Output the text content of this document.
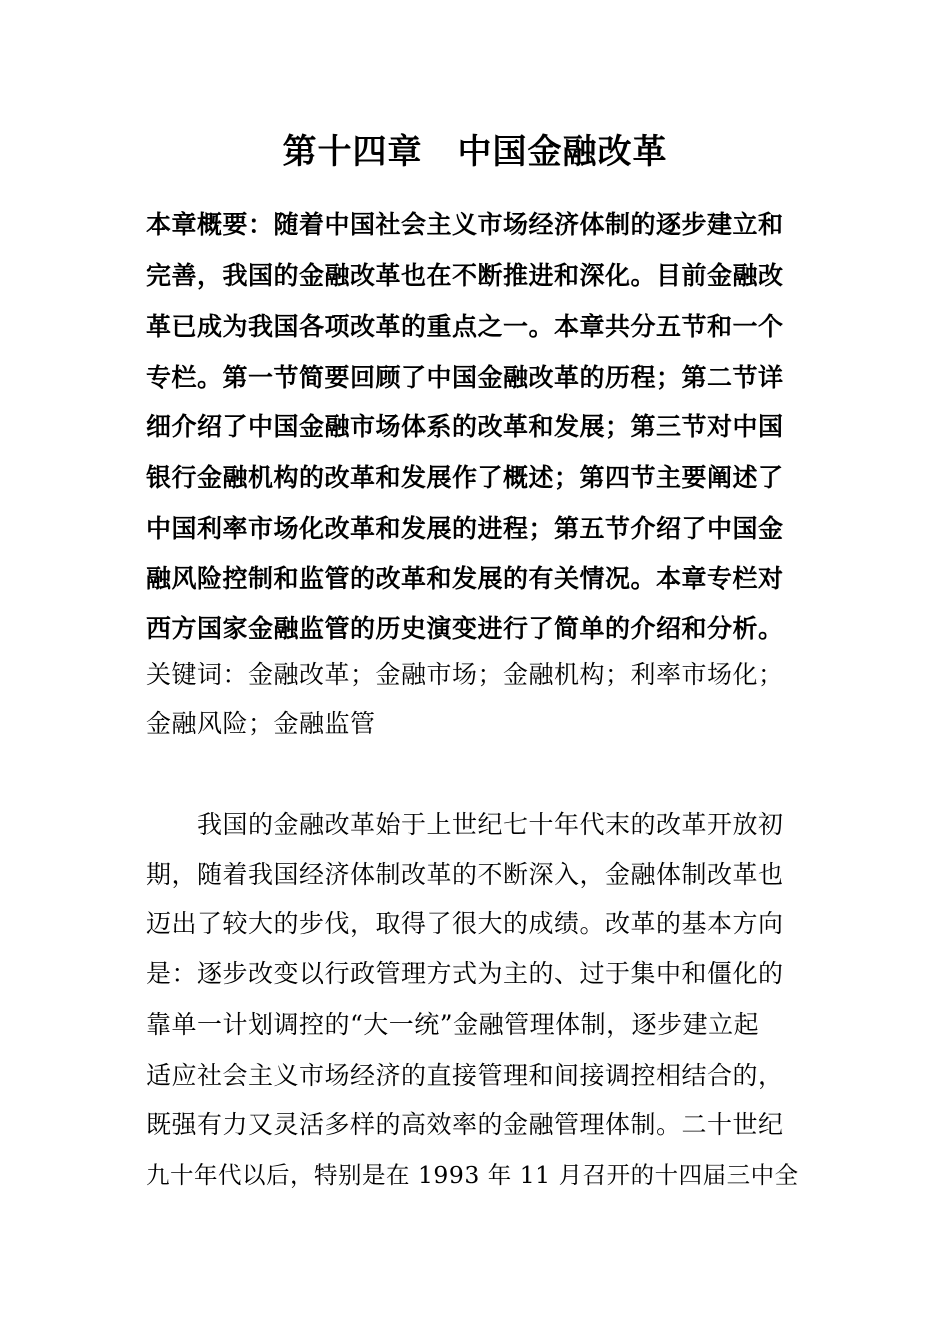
第十四章　中国金融改革
本章概要：随着中国社会主义市场经济体制的逐步建立和
完善，我国的金融改革也在不断推进和深化。目前金融改
革已成为我国各项改革的重点之一。本章共分五节和一个
专栏。第一节简要回顾了中国金融改革的历程；第二节详
细介绍了中国金融市场体系的改革和发展；第三节对中国
银行金融机构的改革和发展作了概述；第四节主要阐述了
中国利率市场化改革和发展的进程；第五节介绍了中国金
融风险控制和监管的改革和发展的有关情况。本章专栏对
西方国家金融监管的历史演变进行了简单的介绍和分析。
关键词：金融改革；金融市场；金融机构；利率市场化；
金融风险；金融监管
　　我国的金融改革始于上世纪七十年代末的改革开放初
期，随着我国经济体制改革的不断深入，金融体制改革也
迈出了较大的步伐，取得了很大的成绩。改革的基本方向
是：逐步改变以行政管理方式为主的、过于集中和僵化的
靠单一计划调控的“大一统”金融管理体制，逐步建立起
适应社会主义市场经济的直接管理和间接调控相结合的，
既强有力又灵活多样的高效率的金融管理体制。二十世纪
九十年代以后，特别是在 1993 年 11 月召开的十四届三中全
